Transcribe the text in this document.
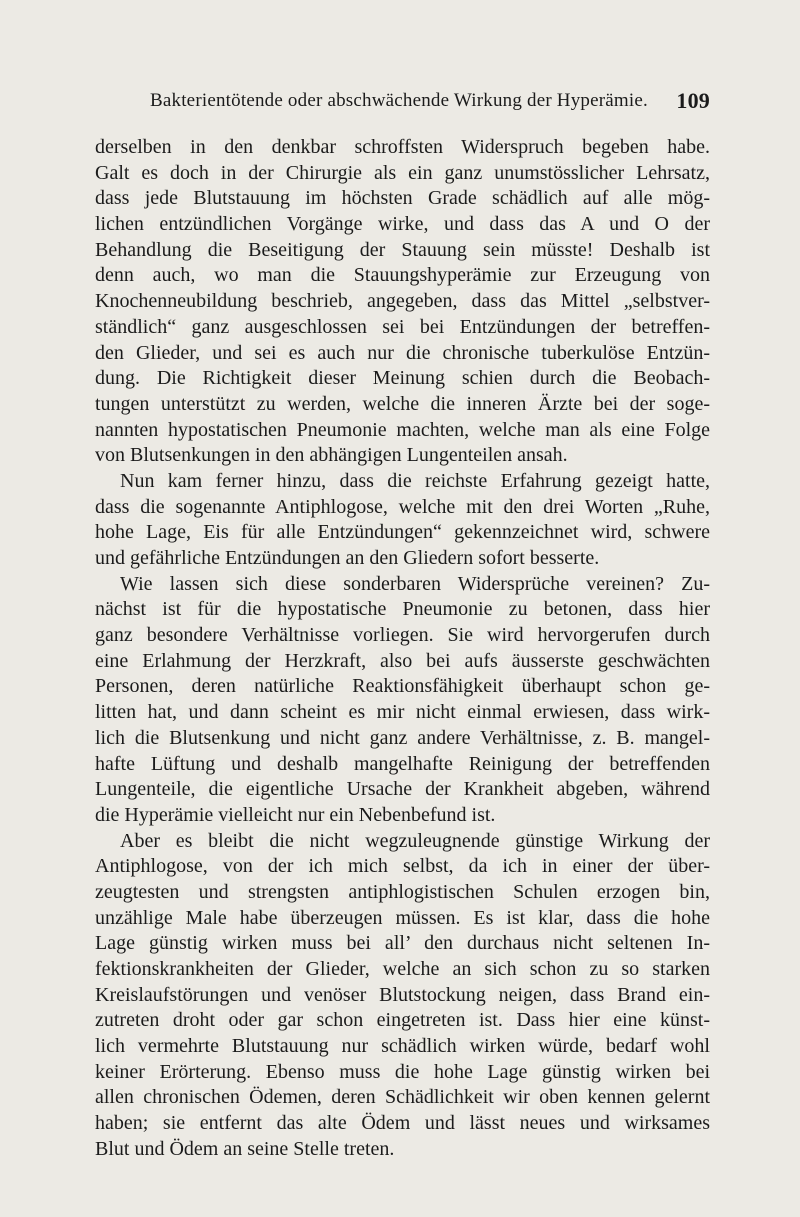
Bakterientötende oder abschwächende Wirkung der Hyperämie. 109
derselben in den denkbar schroffsten Widerspruch begeben habe.
Galt es doch in der Chirurgie als ein ganz unumstösslicher Lehrsatz,
dass jede Blutstauung im höchsten Grade schädlich auf alle mög-
lichen entzündlichen Vorgänge wirke, und dass das A und O der
Behandlung die Beseitigung der Stauung sein müsste! Deshalb ist
denn auch, wo man die Stauungshyperämie zur Erzeugung von
Knochenneubildung beschrieb, angegeben, dass das Mittel „selbstver-
ständlich“ ganz ausgeschlossen sei bei Entzündungen der betreffen-
den Glieder, und sei es auch nur die chronische tuberkulöse Entzün-
dung. Die Richtigkeit dieser Meinung schien durch die Beobach-
tungen unterstützt zu werden, welche die inneren Ärzte bei der soge-
nannten hypostatischen Pneumonie machten, welche man als eine Folge
von Blutsenkungen in den abhängigen Lungenteilen ansah.
Nun kam ferner hinzu, dass die reichste Erfahrung gezeigt hatte,
dass die sogenannte Antiphlogose, welche mit den drei Worten „Ruhe,
hohe Lage, Eis für alle Entzündungen“ gekennzeichnet wird, schwere
und gefährliche Entzündungen an den Gliedern sofort besserte.
Wie lassen sich diese sonderbaren Widersprüche vereinen? Zu-
nächst ist für die hypostatische Pneumonie zu betonen, dass hier
ganz besondere Verhältnisse vorliegen. Sie wird hervorgerufen durch
eine Erlahmung der Herzkraft, also bei aufs äusserste geschwächten
Personen, deren natürliche Reaktionsfähigkeit überhaupt schon ge-
litten hat, und dann scheint es mir nicht einmal erwiesen, dass wirk-
lich die Blutsenkung und nicht ganz andere Verhältnisse, z. B. mangel-
hafte Lüftung und deshalb mangelhafte Reinigung der betreffenden
Lungenteile, die eigentliche Ursache der Krankheit abgeben, während
die Hyperämie vielleicht nur ein Nebenbefund ist.
Aber es bleibt die nicht wegzuleugnende günstige Wirkung der
Antiphlogose, von der ich mich selbst, da ich in einer der über-
zeugtesten und strengsten antiphlogistischen Schulen erzogen bin,
unzählige Male habe überzeugen müssen. Es ist klar, dass die hohe
Lage günstig wirken muss bei all’ den durchaus nicht seltenen In-
fektionskrankheiten der Glieder, welche an sich schon zu so starken
Kreislaufstörungen und venöser Blutstockung neigen, dass Brand ein-
zutreten droht oder gar schon eingetreten ist. Dass hier eine künst-
lich vermehrte Blutstauung nur schädlich wirken würde, bedarf wohl
keiner Erörterung. Ebenso muss die hohe Lage günstig wirken bei
allen chronischen Ödemen, deren Schädlichkeit wir oben kennen gelernt
haben; sie entfernt das alte Ödem und lässt neues und wirksames
Blut und Ödem an seine Stelle treten.
